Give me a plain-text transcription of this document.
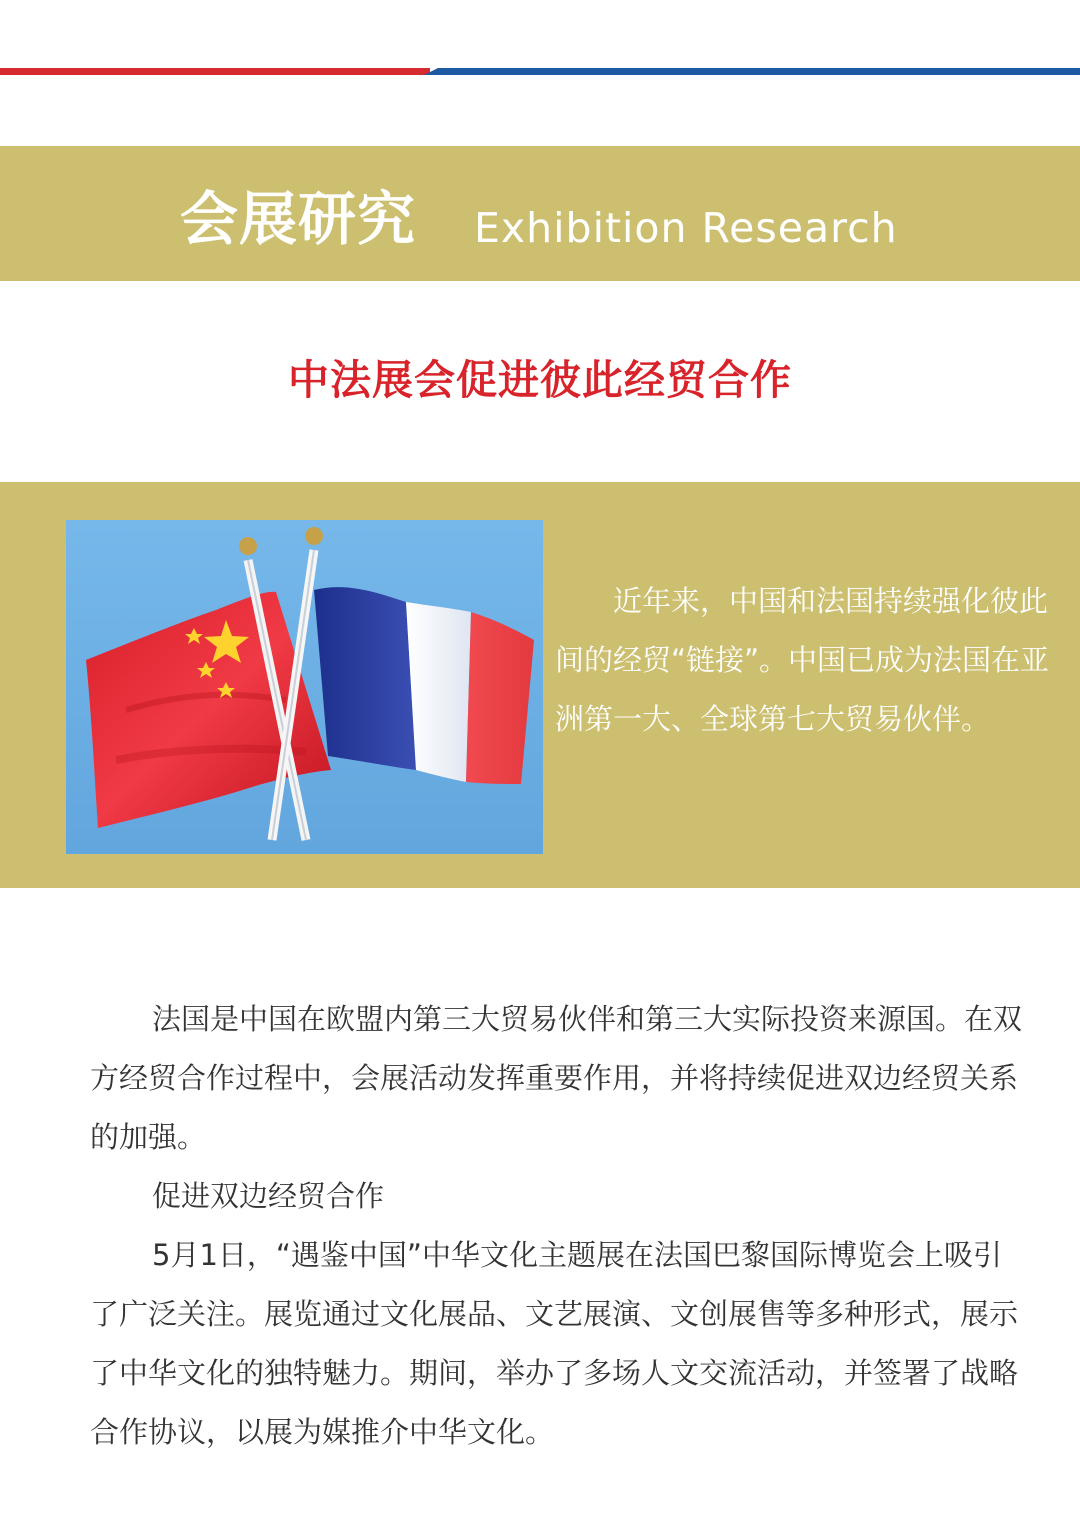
会展研究 Exhibition Research
中法展会促进彼此经贸合作

近年来，中国和法国持续强化彼此间的经贸“链接”。中国已成为法国在亚洲第一大、全球第七大贸易伙伴。

法国是中国在欧盟内第三大贸易伙伴和第三大实际投资来源国。在双方经贸合作过程中，会展活动发挥重要作用，并将持续促进双边经贸关系的加强。

促进双边经贸合作

5月1日，“遇鉴中国”中华文化主题展在法国巴黎国际博览会上吸引了广泛关注。展览通过文化展品、文艺展演、文创展售等多种形式，展示了中华文化的独特魅力。期间，举办了多场人文交流活动，并签署了战略合作协议，以展为媒推介中华文化。
